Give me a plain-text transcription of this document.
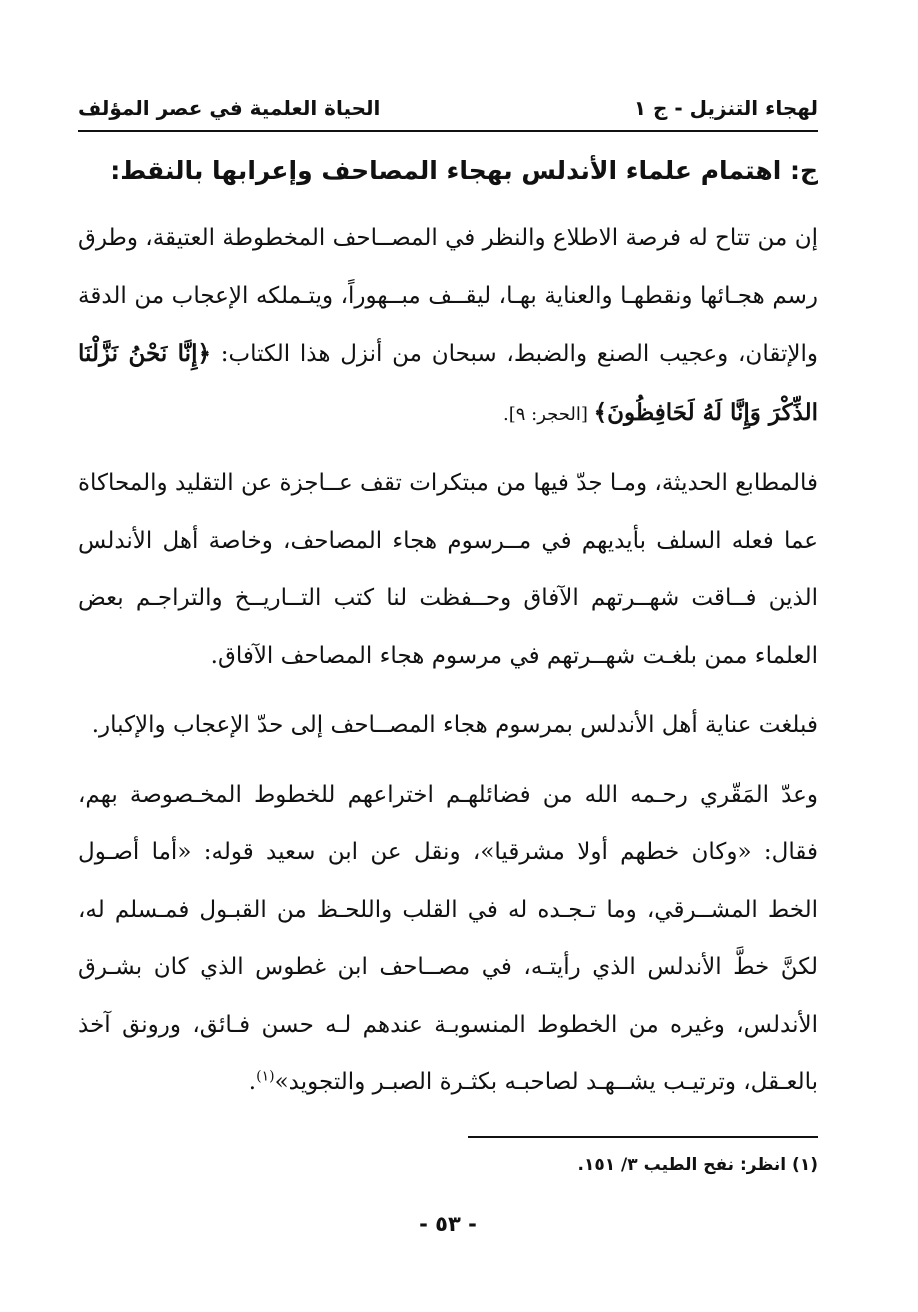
لهجاء التنزيل - ج ١
الحياة العلمية في عصر المؤلف
ج: اهتمام علماء الأندلس بهجاء المصاحف وإعرابها بالنقط:

إن من تتاح له فرصة الاطلاع والنظر في المصــاحف المخطوطة العتيقة، وطرق رسم هجـائها ونقطهـا والعناية بهـا، ليقــف مبــهوراً، ويتـملكه الإعجاب من الدقة والإتقان، وعجيب الصنع والضبط، سبحان من أنزل هذا الكتاب: ﴿إِنَّا نَحْنُ نَزَّلْنَا الذِّكْرَ وَإِنَّا لَهُ لَحَافِظُونَ﴾ [الحجر: ٩].

فالمطابع الحديثة، ومـا جدّ فيها من مبتكرات تقف عــاجزة عن التقليد والمحاكاة عما فعله السلف بأيديهم في مــرسوم هجاء المصاحف، وخاصة أهل الأندلس الذين فــاقت شهــرتهم الآفاق وحــفظت لنا كتب التــاريــخ والتراجـم بعض العلماء ممن بلغـت شهــرتهم في مرسوم هجاء المصاحف الآفاق.

فبلغت عناية أهل الأندلس بمرسوم هجاء المصــاحف إلى حدّ الإعجاب والإكبار.

وعدّ المَقّري رحـمه الله من فضائلهـم اختراعهم للخطوط المخـصوصة بهم، فقال: «وكان خطهم أولا مشرقيا»، ونقل عن ابن سعيد قوله: «أما أصـول الخط المشــرقي، وما تـجـده له في القلب واللحـظ من القبـول فمـسلم له، لكنَّ خطَّ الأندلس الذي رأيتـه، في مصــاحف ابن غطوس الذي كان بشـرق الأندلس، وغيره من الخطوط المنسوبـة عندهم لـه حسن فـائق، ورونق آخذ بالعـقل، وترتيـب يشــهـد لصاحبـه بكثـرة الصبـر والتجويد»$^{(١)}$.

(١) انظر: نفح الطيب ٣/ ١٥١.

- ٥٣ -
